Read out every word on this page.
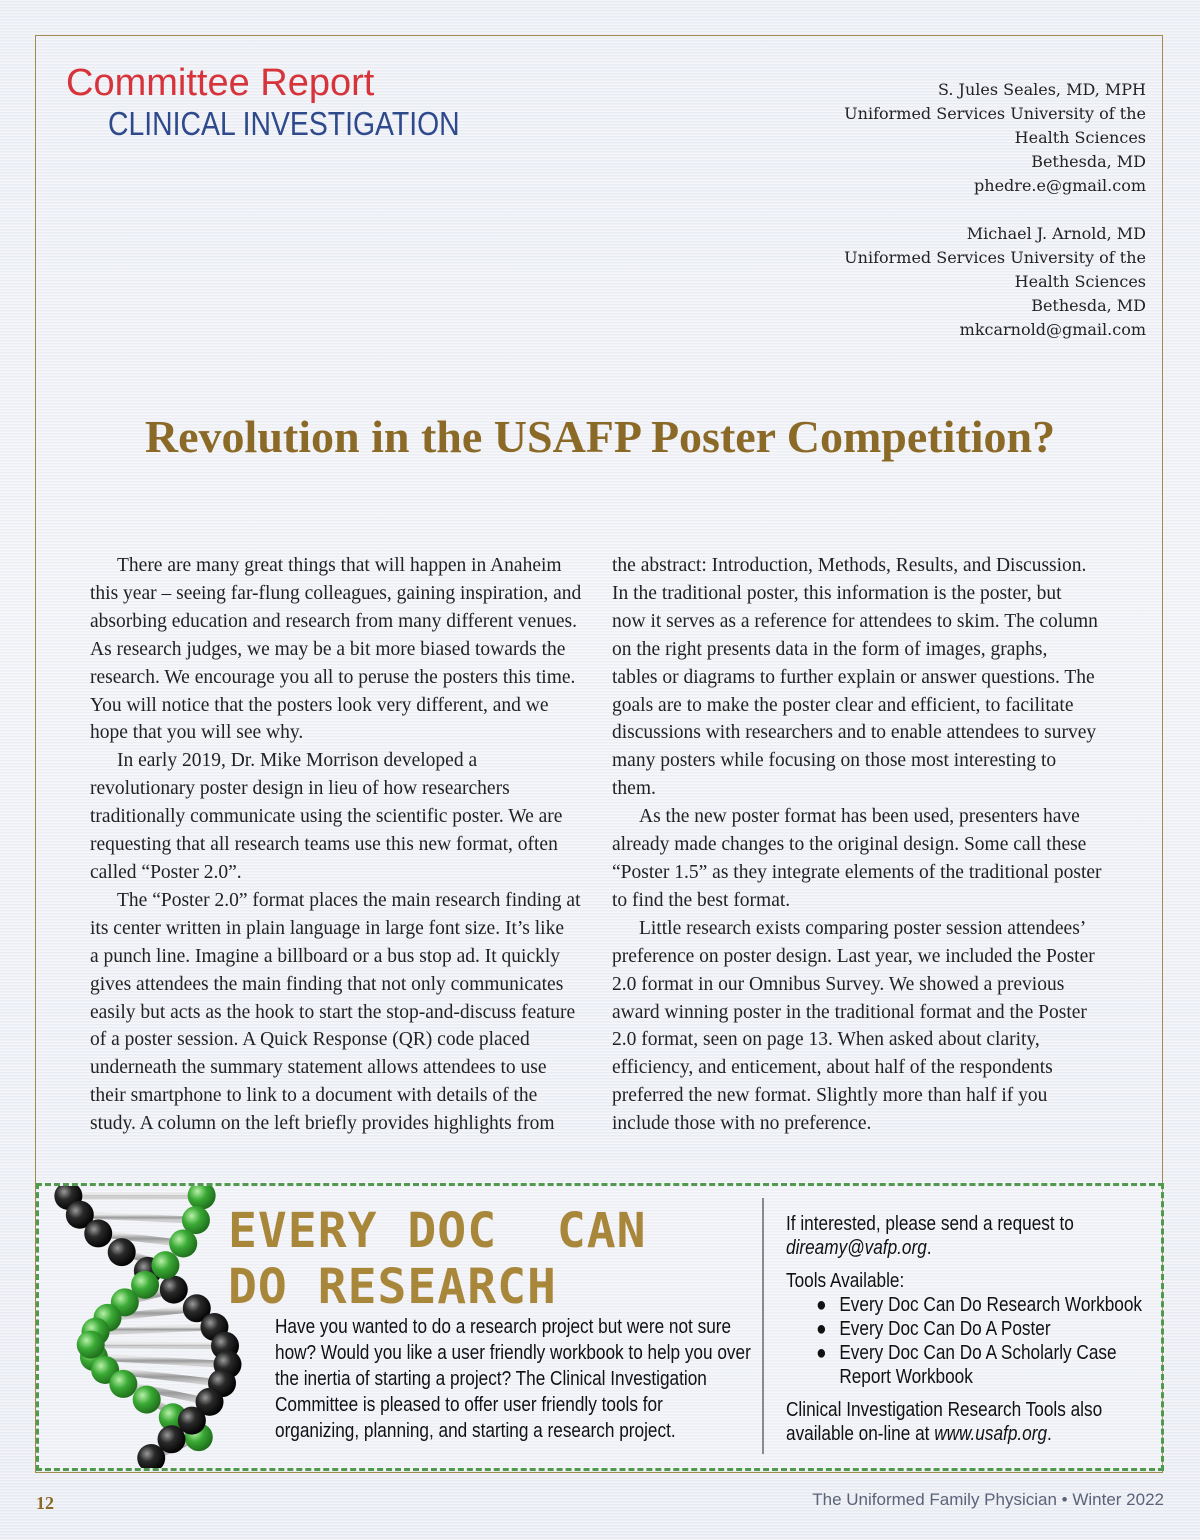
Committee Report
CLINICAL INVESTIGATION
S. Jules Seales, MD, MPH
Uniformed Services University of the
Health Sciences
Bethesda, MD
phedre.e@gmail.com
Michael J. Arnold, MD
Uniformed Services University of the
Health Sciences
Bethesda, MD
mkcarnold@gmail.com
Revolution in the USAFP Poster Competition?
There are many great things that will happen in Anaheim
this year – seeing far-flung colleagues, gaining inspiration, and
absorbing education and research from many different venues.
As research judges, we may be a bit more biased towards the
research. We encourage you all to peruse the posters this time.
You will notice that the posters look very different, and we
hope that you will see why.
In early 2019, Dr. Mike Morrison developed a
revolutionary poster design in lieu of how researchers
traditionally communicate using the scientific poster. We are
requesting that all research teams use this new format, often
called “Poster 2.0”.
The “Poster 2.0” format places the main research finding at
its center written in plain language in large font size. It’s like
a punch line. Imagine a billboard or a bus stop ad. It quickly
gives attendees the main finding that not only communicates
easily but acts as the hook to start the stop-and-discuss feature
of a poster session. A Quick Response (QR) code placed
underneath the summary statement allows attendees to use
their smartphone to link to a document with details of the
study. A column on the left briefly provides highlights from
the abstract: Introduction, Methods, Results, and Discussion.
In the traditional poster, this information is the poster, but
now it serves as a reference for attendees to skim. The column
on the right presents data in the form of images, graphs,
tables or diagrams to further explain or answer questions. The
goals are to make the poster clear and efficient, to facilitate
discussions with researchers and to enable attendees to survey
many posters while focusing on those most interesting to
them.
As the new poster format has been used, presenters have
already made changes to the original design. Some call these
“Poster 1.5” as they integrate elements of the traditional poster
to find the best format.
Little research exists comparing poster session attendees’
preference on poster design. Last year, we included the Poster
2.0 format in our Omnibus Survey. We showed a previous
award winning poster in the traditional format and the Poster
2.0 format, seen on page 13. When asked about clarity,
efficiency, and enticement, about half of the respondents
preferred the new format. Slightly more than half if you
include those with no preference.
EVERY DOC  CAN
DO RESEARCH
Have you wanted to do a research project but were not sure
how? Would you like a user friendly workbook to help you over
the inertia of starting a project? The Clinical Investigation
Committee is pleased to offer user friendly tools for
organizing, planning, and starting a research project.
If interested, please send a request to
direamy@vafp.org.
Tools Available:
● Every Doc Can Do Research Workbook
● Every Doc Can Do A Poster
● Every Doc Can Do A Scholarly Case
Report Workbook
Clinical Investigation Research Tools also
available on-line at www.usafp.org.
12	The Uniformed Family Physician • Winter 2022
